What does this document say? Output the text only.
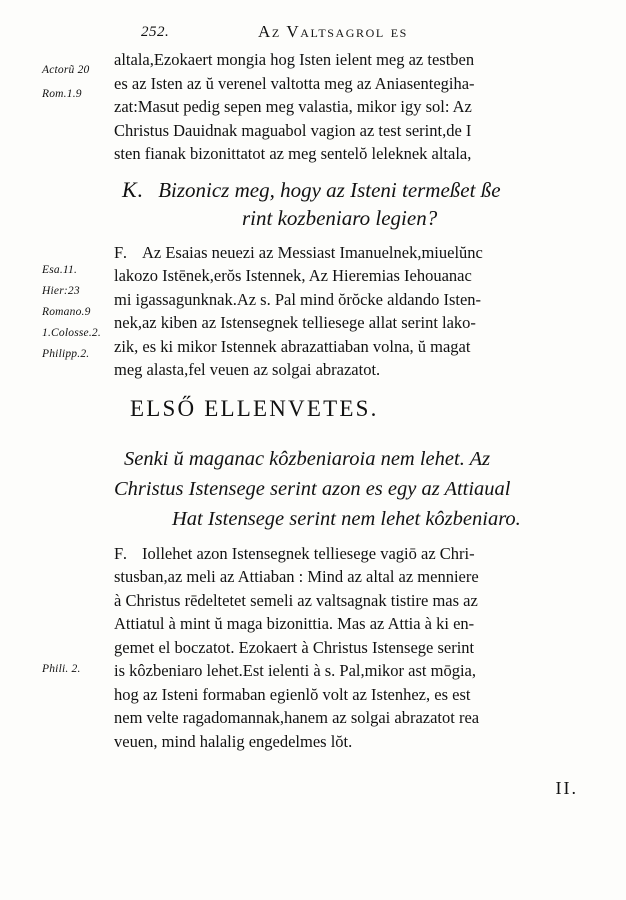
252.	Az Valtsagrol es
Actorũ 20
Rom.1.9
Esa.11.
Hier:23
Romano.9
1.Colosse.2.
Philipp.2.
Phili. 2.
altala,Ezokaert mongia hog Isten ielent meg az testben
es az Isten az ŭ verenel valtotta meg az Aniasentegiha-
zat:Masut pedig sepen meg valastia, mikor igy sol: Az
Christus Dauidnak maguabol vagion az test serint,de I
sten fianak bizonittatot az meg sentelŏ leleknek altala,
K. Bizonicz meg, hogy az Isteni termeßet ße
rint kozbeniaro legien?
F. Az Esaias neuezi az Messiast Imanuelnek,miuelŭnc
lakozo Istēnek,erŏs Istennek, Az Hieremias Iehouanac
mi igassagunknak.Az s. Pal mind ŏrŏcke aldando Isten-
nek,az kiben az Istensegnek telliesege allat serint lako-
zik, es ki mikor Istennek abrazattiaban volna, ŭ magat
meg alasta,fel veuen az solgai abrazatot.
ELSŐ ELLENVETES.
Senki ŭ maganac kôzbeniaroia nem lehet. Az
Christus Istensege serint azon es egy az Attiaual
Hat Istensege serint nem lehet kôzbeniaro.
F. Iollehet azon Istensegnek telliesege vagiō az Chri-
stusban,az meli az Attiaban : Mind az altal az menniere
à Christus rēdeltetet semeli az valtsagnak tistire mas az
Attiatul à mint ŭ maga bizonittia. Mas az Attia à ki en-
gemet el boczatot. Ezokaert à Christus Istensege serint
is kôzbeniaro lehet.Est ielenti à s. Pal,mikor ast mōgia,
hog az Isteni formaban egienlŏ volt az Istenhez, es est
nem velte ragadomannak,hanem az solgai abrazatot rea
veuen, mind halalig engedelmes lŏt.
II.
